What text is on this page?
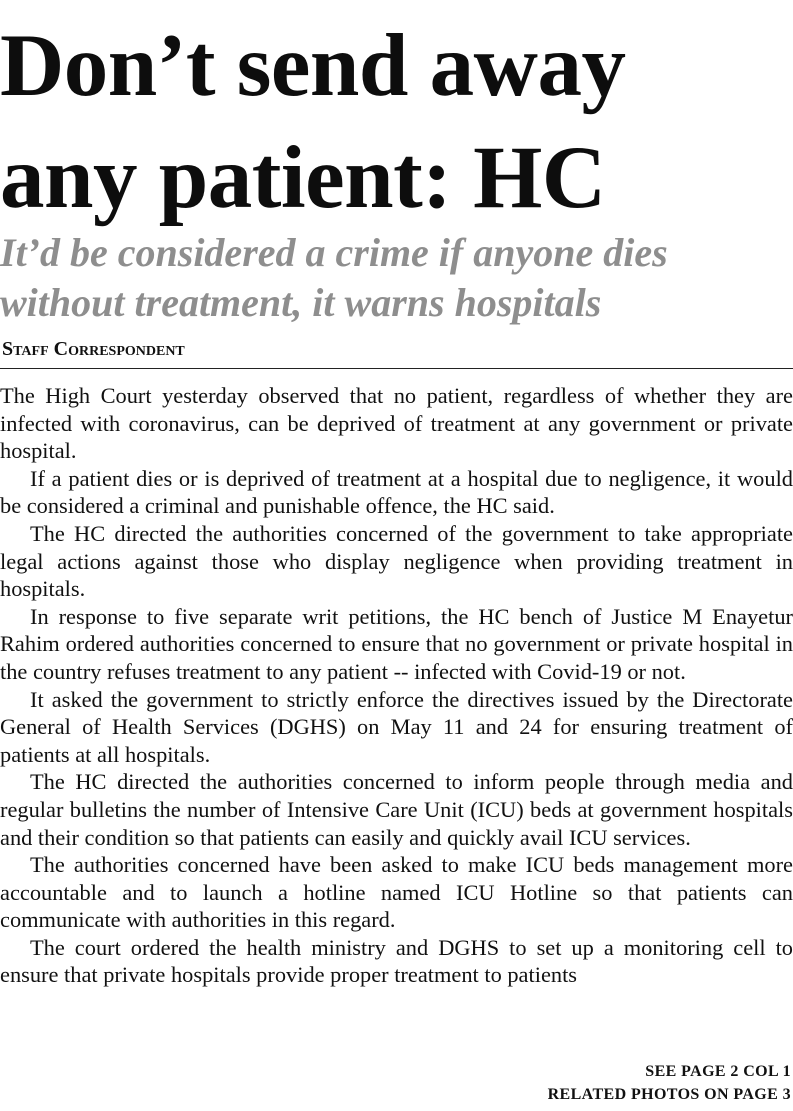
Don’t send away
any patient: HC
It’d be considered a crime if anyone dies
without treatment, it warns hospitals
Staff Correspondent

The High Court yesterday observed that no patient, regardless of whether they are infected with coronavirus, can be deprived of treatment at any government or private hospital.

If a patient dies or is deprived of treatment at a hospital due to negligence, it would be considered a criminal and punishable offence, the HC said.

The HC directed the authorities concerned of the government to take appropriate legal actions against those who display negligence when providing treatment in hospitals.

In response to five separate writ petitions, the HC bench of Justice M Enayetur Rahim ordered authorities concerned to ensure that no government or private hospital in the country refuses treatment to any patient -- infected with Covid-19 or not.

It asked the government to strictly enforce the directives issued by the Directorate General of Health Services (DGHS) on May 11 and 24 for ensuring treatment of patients at all hospitals.

The HC directed the authorities concerned to inform people through media and regular bulletins the number of Intensive Care Unit (ICU) beds at government hospitals and their condition so that patients can easily and quickly avail ICU services.

The authorities concerned have been asked to make ICU beds management more accountable and to launch a hotline named ICU Hotline so that patients can communicate with authorities in this regard.

The court ordered the health ministry and DGHS to set up a monitoring cell to ensure that private hospitals provide proper treatment to patients

SEE PAGE 2 COL 1
RELATED PHOTOS ON PAGE 3
